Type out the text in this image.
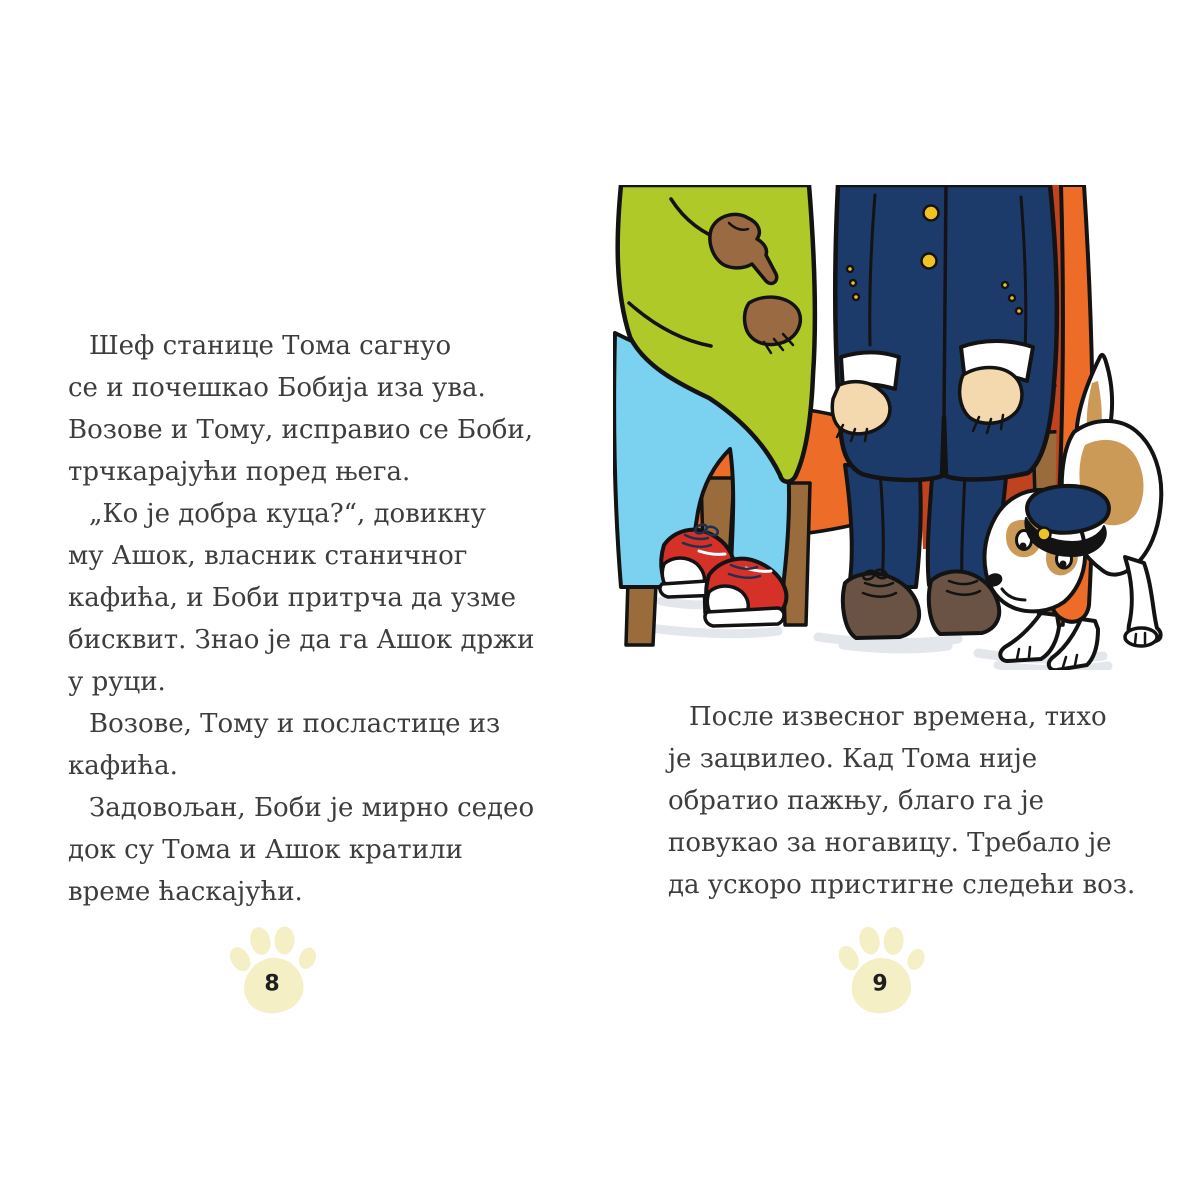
Шеф станице Тома сагнуо
се и почешкао Бобија иза ува.
Возове и Тому, исправио се Боби,
трчкарајући поред њега.
„Ко је добра куца?“, довикну
му Ашок, власник станичног
кафића, и Боби притрча да узме
бисквит. Знао је да га Ашок држи
у руци.
Возове, Тому и посластице из
кафића.
Задовољан, Боби је мирно седео
док су Тома и Ашок кратили
време ћаскајући.
После извесног времена, тихо
је зацвилео. Кад Тома није
обратио пажњу, благо га је
повукао за ногавицу. Требало је
да ускоро пристигне следећи воз.
8	9
